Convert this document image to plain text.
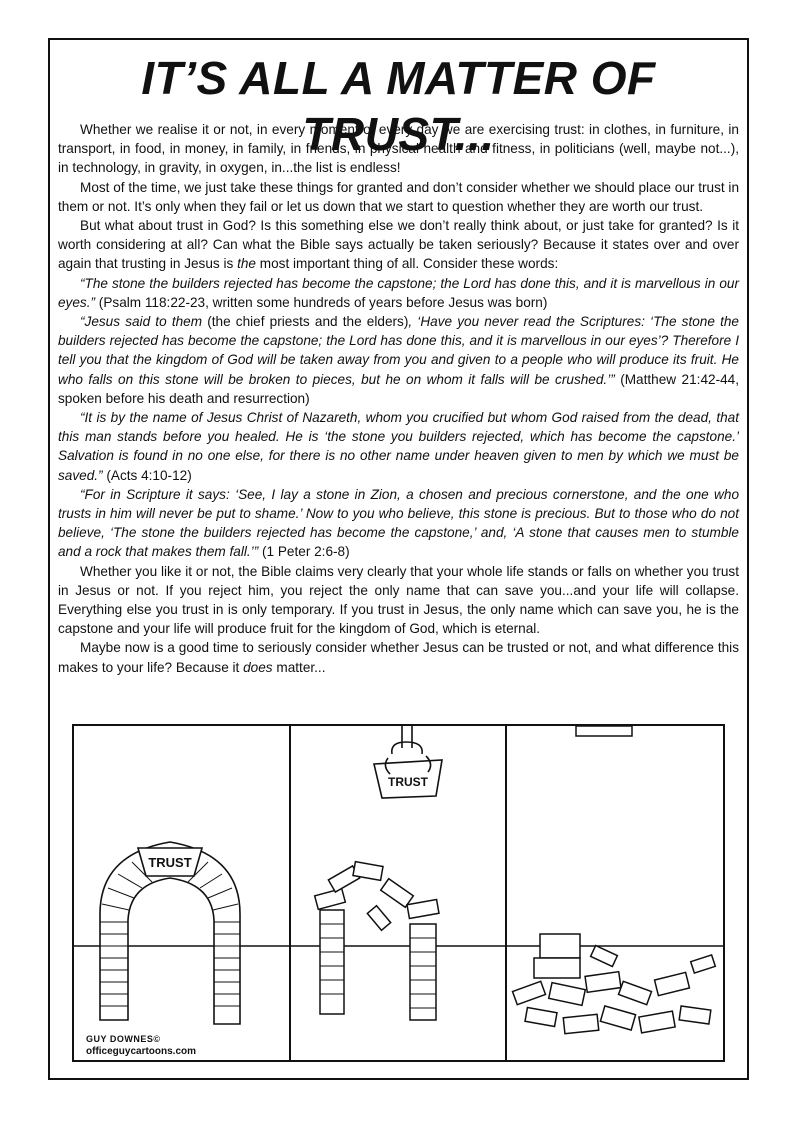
IT’S ALL A MATTER OF TRUST...

Whether we realise it or not, in every moment of every day we are exercising trust: in clothes, in furniture, in transport, in food, in money, in family, in friends, in physical health and fitness, in politicians (well, maybe not...), in technology, in gravity, in oxygen, in...the list is endless!

Most of the time, we just take these things for granted and don’t consider whether we should place our trust in them or not. It’s only when they fail or let us down that we start to question whether they are worth our trust.

But what about trust in God? Is this something else we don’t really think about, or just take for granted? Is it worth considering at all? Can what the Bible says actually be taken seriously? Because it states over and over again that trusting in Jesus is the most important thing of all. Consider these words:

“The stone the builders rejected has become the capstone; the Lord has done this, and it is marvellous in our eyes.” (Psalm 118:22-23, written some hundreds of years before Jesus was born)

“Jesus said to them (the chief priests and the elders), ‘Have you never read the Scriptures: ‘The stone the builders rejected has become the capstone; the Lord has done this, and it is marvellous in our eyes’? Therefore I tell you that the kingdom of God will be taken away from you and given to a people who will produce its fruit. He who falls on this stone will be broken to pieces, but he on whom it falls will be crushed.’” (Matthew 21:42-44, spoken before his death and resurrection)

“It is by the name of Jesus Christ of Nazareth, whom you crucified but whom God raised from the dead, that this man stands before you healed. He is ‘the stone you builders rejected, which has become the capstone.’ Salvation is found in no one else, for there is no other name under heaven given to men by which we must be saved.” (Acts 4:10-12)

“For in Scripture it says: ‘See, I lay a stone in Zion, a chosen and precious cornerstone, and the one who trusts in him will never be put to shame.’ Now to you who believe, this stone is precious. But to those who do not believe, ‘The stone the builders rejected has become the capstone,’ and, ‘A stone that causes men to stumble and a rock that makes them fall.’” (1 Peter 2:6-8)

Whether you like it or not, the Bible claims very clearly that your whole life stands or falls on whether you trust in Jesus or not. If you reject him, you reject the only name that can save you...and your life will collapse. Everything else you trust in is only temporary. If you trust in Jesus, the only name which can save you, he is the capstone and your life will produce fruit for the kingdom of God, which is eternal.

Maybe now is a good time to seriously consider whether Jesus can be trusted or not, and what difference this makes to your life? Because it does matter...

TRUST
TRUST
GUY DOWNES©
officeguycartoons.com
